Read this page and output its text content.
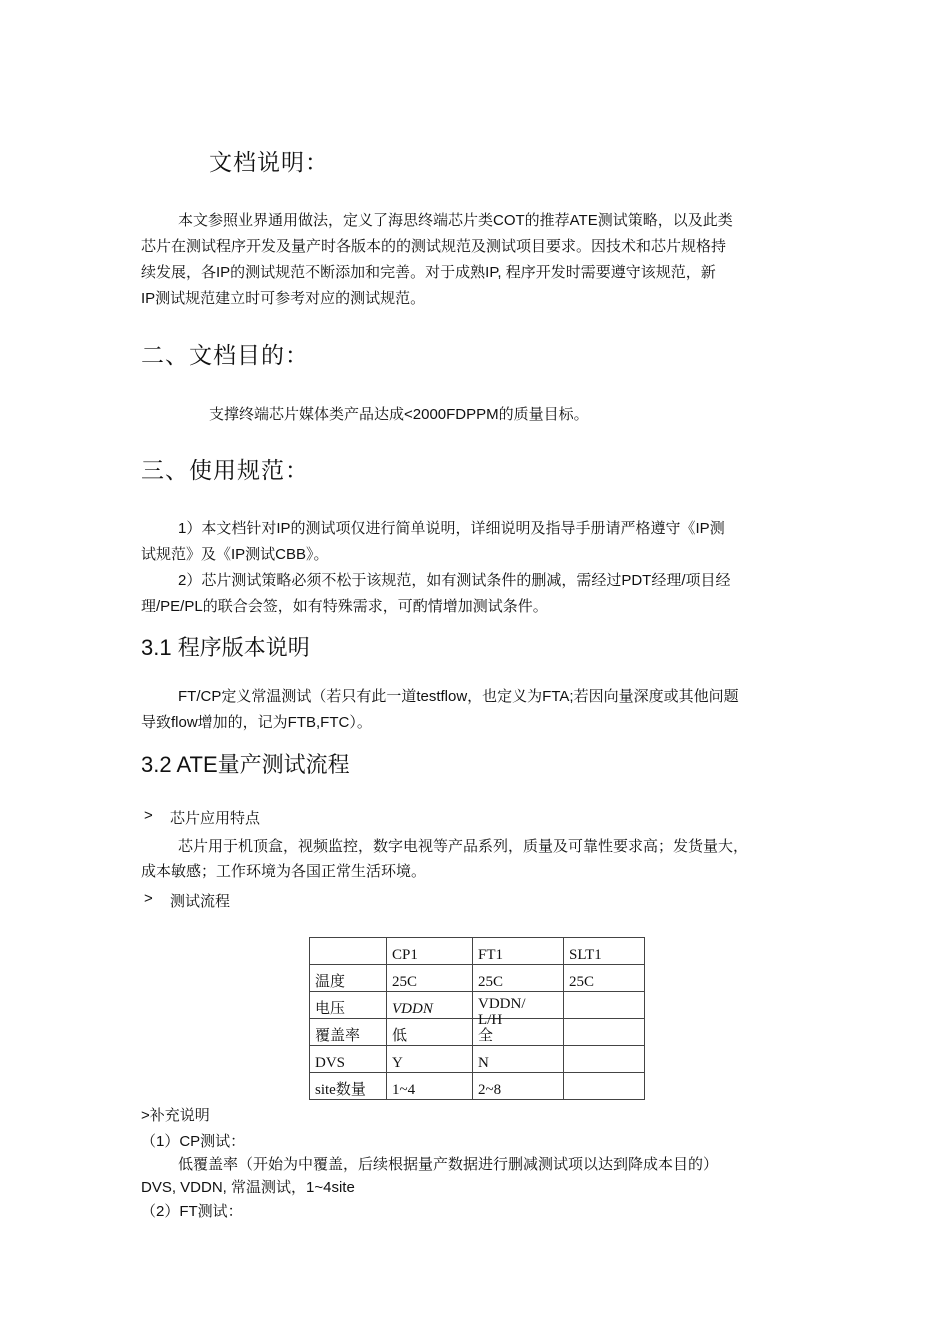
文档说明：
本文参照业界通用做法，定义了海思终端芯片类COT的推荐ATE测试策略，以及此类
芯片在测试程序开发及量产时各版本的的测试规范及测试项目要求。因技术和芯片规格持
续发展，各IP的测试规范不断添加和完善。对于成熟IP, 程序开发时需要遵守该规范，新
IP测试规范建立时可参考对应的测试规范。
二、文档目的：
支撑终端芯片媒体类产品达成<2000FDPPM的质量目标。
三、使用规范：
1）本文档针对IP的测试项仅进行简单说明，详细说明及指导手册请严格遵守《IP测
试规范》及《IP测试CBB》。
2）芯片测试策略必须不松于该规范，如有测试条件的删减，需经过PDT经理/项目经
理/PE/PL的联合会签，如有特殊需求，可酌情增加测试条件。
3.1 程序版本说明
FT/CP定义常温测试（若只有此一道testflow，也定义为FTA;若因向量深度或其他问题
导致flow增加的，记为FTB,FTC）。
3.2 ATE量产测试流程
> 芯片应用特点
芯片用于机顶盒，视频监控，数字电视等产品系列，质量及可靠性要求高；发货量大，
成本敏感；工作环境为各国正常生活环境。
> 测试流程
	CP1	FT1	SLT1
温度	25C	25C	25C
电压	VDDN	VDDN/
L/H	

覆盖率	低	全	
DVS	Y	N	
site数量	1~4	2~8	
>补充说明
（1）CP测试：
低覆盖率（开始为中覆盖，后续根据量产数据进行删减测试项以达到降成本目的）
DVS, VDDN, 常温测试，1~4site
（2）FT测试：
